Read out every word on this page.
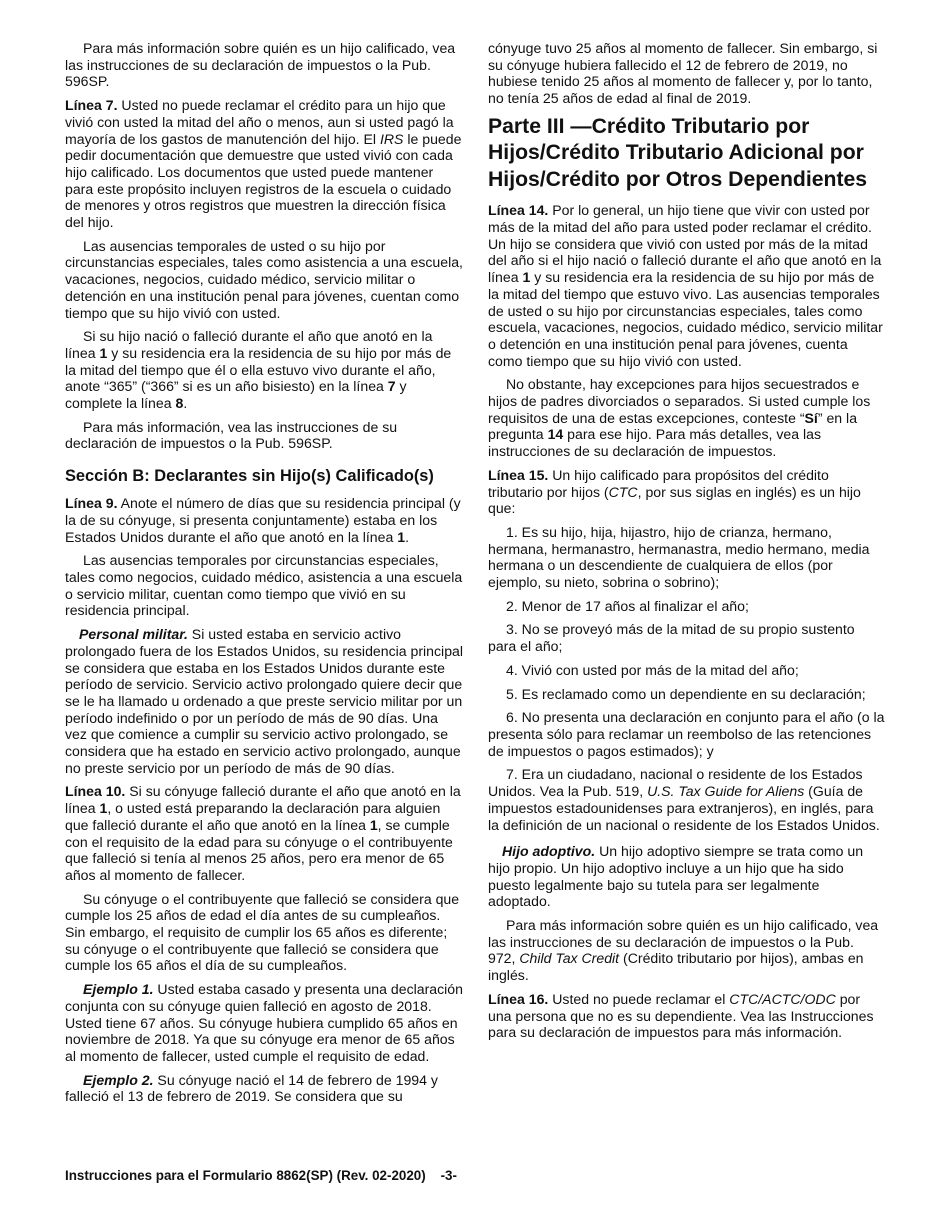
Para más información sobre quién es un hijo calificado, vea las instrucciones de su declaración de impuestos o la Pub. 596SP.

Línea 7. Usted no puede reclamar el crédito para un hijo que vivió con usted la mitad del año o menos, aun si usted pagó la mayoría de los gastos de manutención del hijo. El IRS le puede pedir documentación que demuestre que usted vivió con cada hijo calificado. Los documentos que usted puede mantener para este propósito incluyen registros de la escuela o cuidado de menores y otros registros que muestren la dirección física del hijo.

Las ausencias temporales de usted o su hijo por circunstancias especiales, tales como asistencia a una escuela, vacaciones, negocios, cuidado médico, servicio militar o detención en una institución penal para jóvenes, cuentan como tiempo que su hijo vivió con usted.

Si su hijo nació o falleció durante el año que anotó en la línea 1 y su residencia era la residencia de su hijo por más de la mitad del tiempo que él o ella estuvo vivo durante el año, anote “365” (“366” si es un año bisiesto) en la línea 7 y complete la línea 8.

Para más información, vea las instrucciones de su declaración de impuestos o la Pub. 596SP.

Sección B: Declarantes sin Hijo(s) Calificado(s)

Línea 9. Anote el número de días que su residencia principal (y la de su cónyuge, si presenta conjuntamente) estaba en los Estados Unidos durante el año que anotó en la línea 1.

Las ausencias temporales por circunstancias especiales, tales como negocios, cuidado médico, asistencia a una escuela o servicio militar, cuentan como tiempo que vivió en su residencia principal.

Personal militar. Si usted estaba en servicio activo prolongado fuera de los Estados Unidos, su residencia principal se considera que estaba en los Estados Unidos durante este período de servicio. Servicio activo prolongado quiere decir que se le ha llamado u ordenado a que preste servicio militar por un período indefinido o por un período de más de 90 días. Una vez que comience a cumplir su servicio activo prolongado, se considera que ha estado en servicio activo prolongado, aunque no preste servicio por un período de más de 90 días.

Línea 10. Si su cónyuge falleció durante el año que anotó en la línea 1, o usted está preparando la declaración para alguien que falleció durante el año que anotó en la línea 1, se cumple con el requisito de la edad para su cónyuge o el contribuyente que falleció si tenía al menos 25 años, pero era menor de 65 años al momento de fallecer.

Su cónyuge o el contribuyente que falleció se considera que cumple los 25 años de edad el día antes de su cumpleaños. Sin embargo, el requisito de cumplir los 65 años es diferente; su cónyuge o el contribuyente que falleció se considera que cumple los 65 años el día de su cumpleaños.

Ejemplo 1. Usted estaba casado y presenta una declaración conjunta con su cónyuge quien falleció en agosto de 2018. Usted tiene 67 años. Su cónyuge hubiera cumplido 65 años en noviembre de 2018. Ya que su cónyuge era menor de 65 años al momento de fallecer, usted cumple el requisito de edad.

Ejemplo 2. Su cónyuge nació el 14 de febrero de 1994 y falleció el 13 de febrero de 2019. Se considera que su

cónyuge tuvo 25 años al momento de fallecer. Sin embargo, si su cónyuge hubiera fallecido el 12 de febrero de 2019, no hubiese tenido 25 años al momento de fallecer y, por lo tanto, no tenía 25 años de edad al final de 2019.

Parte III —Crédito Tributario por Hijos/Crédito Tributario Adicional por Hijos/Crédito por Otros Dependientes

Línea 14. Por lo general, un hijo tiene que vivir con usted por más de la mitad del año para usted poder reclamar el crédito. Un hijo se considera que vivió con usted por más de la mitad del año si el hijo nació o falleció durante el año que anotó en la línea 1 y su residencia era la residencia de su hijo por más de la mitad del tiempo que estuvo vivo. Las ausencias temporales de usted o su hijo por circunstancias especiales, tales como escuela, vacaciones, negocios, cuidado médico, servicio militar o detención en una institución penal para jóvenes, cuenta como tiempo que su hijo vivió con usted.

No obstante, hay excepciones para hijos secuestrados e hijos de padres divorciados o separados. Si usted cumple los requisitos de una de estas excepciones, conteste “Sí” en la pregunta 14 para ese hijo. Para más detalles, vea las instrucciones de su declaración de impuestos.

Línea 15. Un hijo calificado para propósitos del crédito tributario por hijos (CTC, por sus siglas en inglés) es un hijo que:

1. Es su hijo, hija, hijastro, hijo de crianza, hermano, hermana, hermanastro, hermanastra, medio hermano, media hermana o un descendiente de cualquiera de ellos (por ejemplo, su nieto, sobrina o sobrino);

2. Menor de 17 años al finalizar el año;

3. No se proveyó más de la mitad de su propio sustento para el año;

4. Vivió con usted por más de la mitad del año;

5. Es reclamado como un dependiente en su declaración;

6. No presenta una declaración en conjunto para el año (o la presenta sólo para reclamar un reembolso de las retenciones de impuestos o pagos estimados); y

7. Era un ciudadano, nacional o residente de los Estados Unidos. Vea la Pub. 519, U.S. Tax Guide for Aliens (Guía de impuestos estadounidenses para extranjeros), en inglés, para la definición de un nacional o residente de los Estados Unidos.

Hijo adoptivo. Un hijo adoptivo siempre se trata como un hijo propio. Un hijo adoptivo incluye a un hijo que ha sido puesto legalmente bajo su tutela para ser legalmente adoptado.

Para más información sobre quién es un hijo calificado, vea las instrucciones de su declaración de impuestos o la Pub. 972, Child Tax Credit (Crédito tributario por hijos), ambas en inglés.

Línea 16. Usted no puede reclamar el CTC/ACTC/ODC por una persona que no es su dependiente. Vea las Instrucciones para su declaración de impuestos para más información.

Instrucciones para el Formulario 8862(SP) (Rev. 02-2020) -3-
